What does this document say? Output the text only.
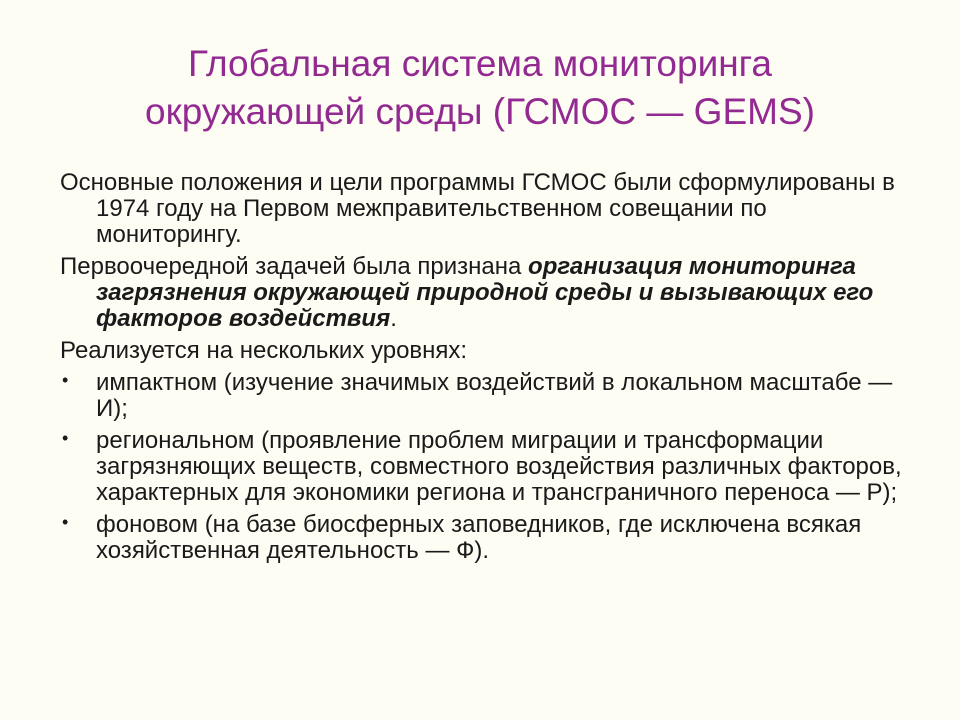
Глобальная система мониторинга
окружающей среды (ГСМОС — GEMS)
Основные положения и цели программы ГСМОС были сформулированы в 1974 году на Первом межправительственном совещании по мониторингу.
Первоочередной задачей была признана организация мониторинга загрязнения окружающей природной среды и вызывающих его факторов воздействия.
Реализуется на нескольких уровнях:
• импактном (изучение значимых воздействий в локальном масштабе — И);
• региональном (проявление проблем миграции и трансформации загрязняющих веществ, совместного воздействия различных факторов, характерных для экономики региона и трансграничного переноса — Р);
• фоновом (на базе биосферных заповедников, где исключена всякая хозяйственная деятельность — Ф).
